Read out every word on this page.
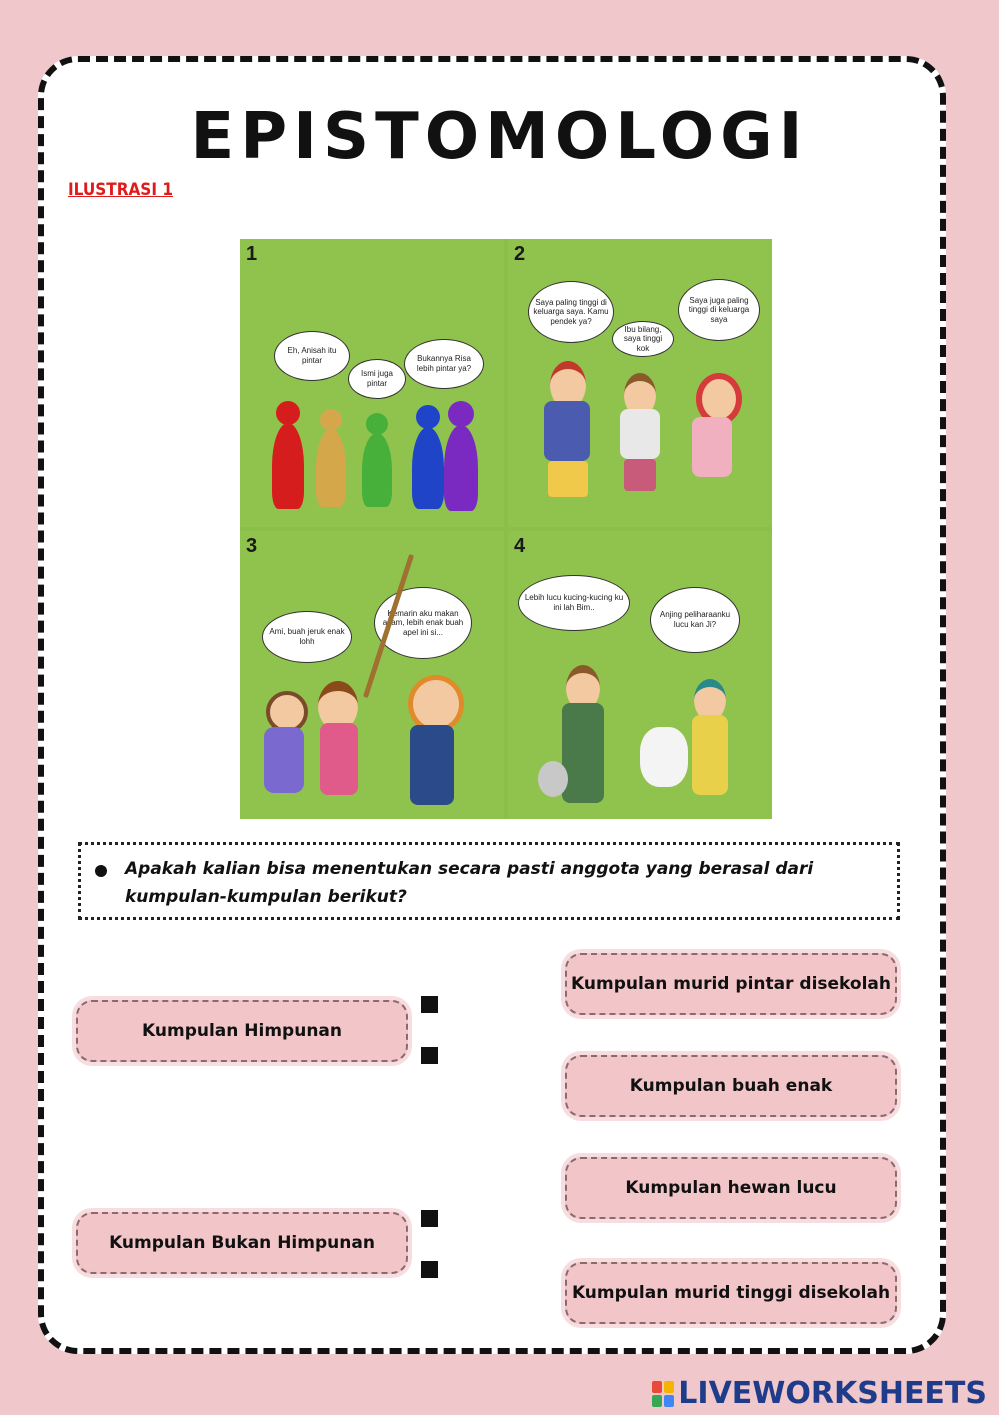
EPISTOMOLOGI
ILUSTRASI 1
1
Eh, Anisah itu pintar
Ismi juga pintar
Bukannya Risa lebih pintar ya?
2
Saya paling tinggi di keluarga saya. Kamu pendek ya?
Ibu bilang, saya tinggi kok
Saya juga paling tinggi di keluarga saya
3
Ami, buah jeruk enak lohh
Kemarin aku makan asam, lebih enak buah apel ini si...
4
Lebih lucu kucing-kucing ku ini lah Bim..
Anjing peliharaanku lucu kan Ji?
Apakah kalian bisa menentukan secara pasti anggota yang berasal dari kumpulan-kumpulan berikut?
Kumpulan Himpunan
Kumpulan Bukan Himpunan
Kumpulan murid pintar disekolah
Kumpulan buah enak
Kumpulan hewan lucu
Kumpulan murid tinggi disekolah
LIVEWORKSHEETS
